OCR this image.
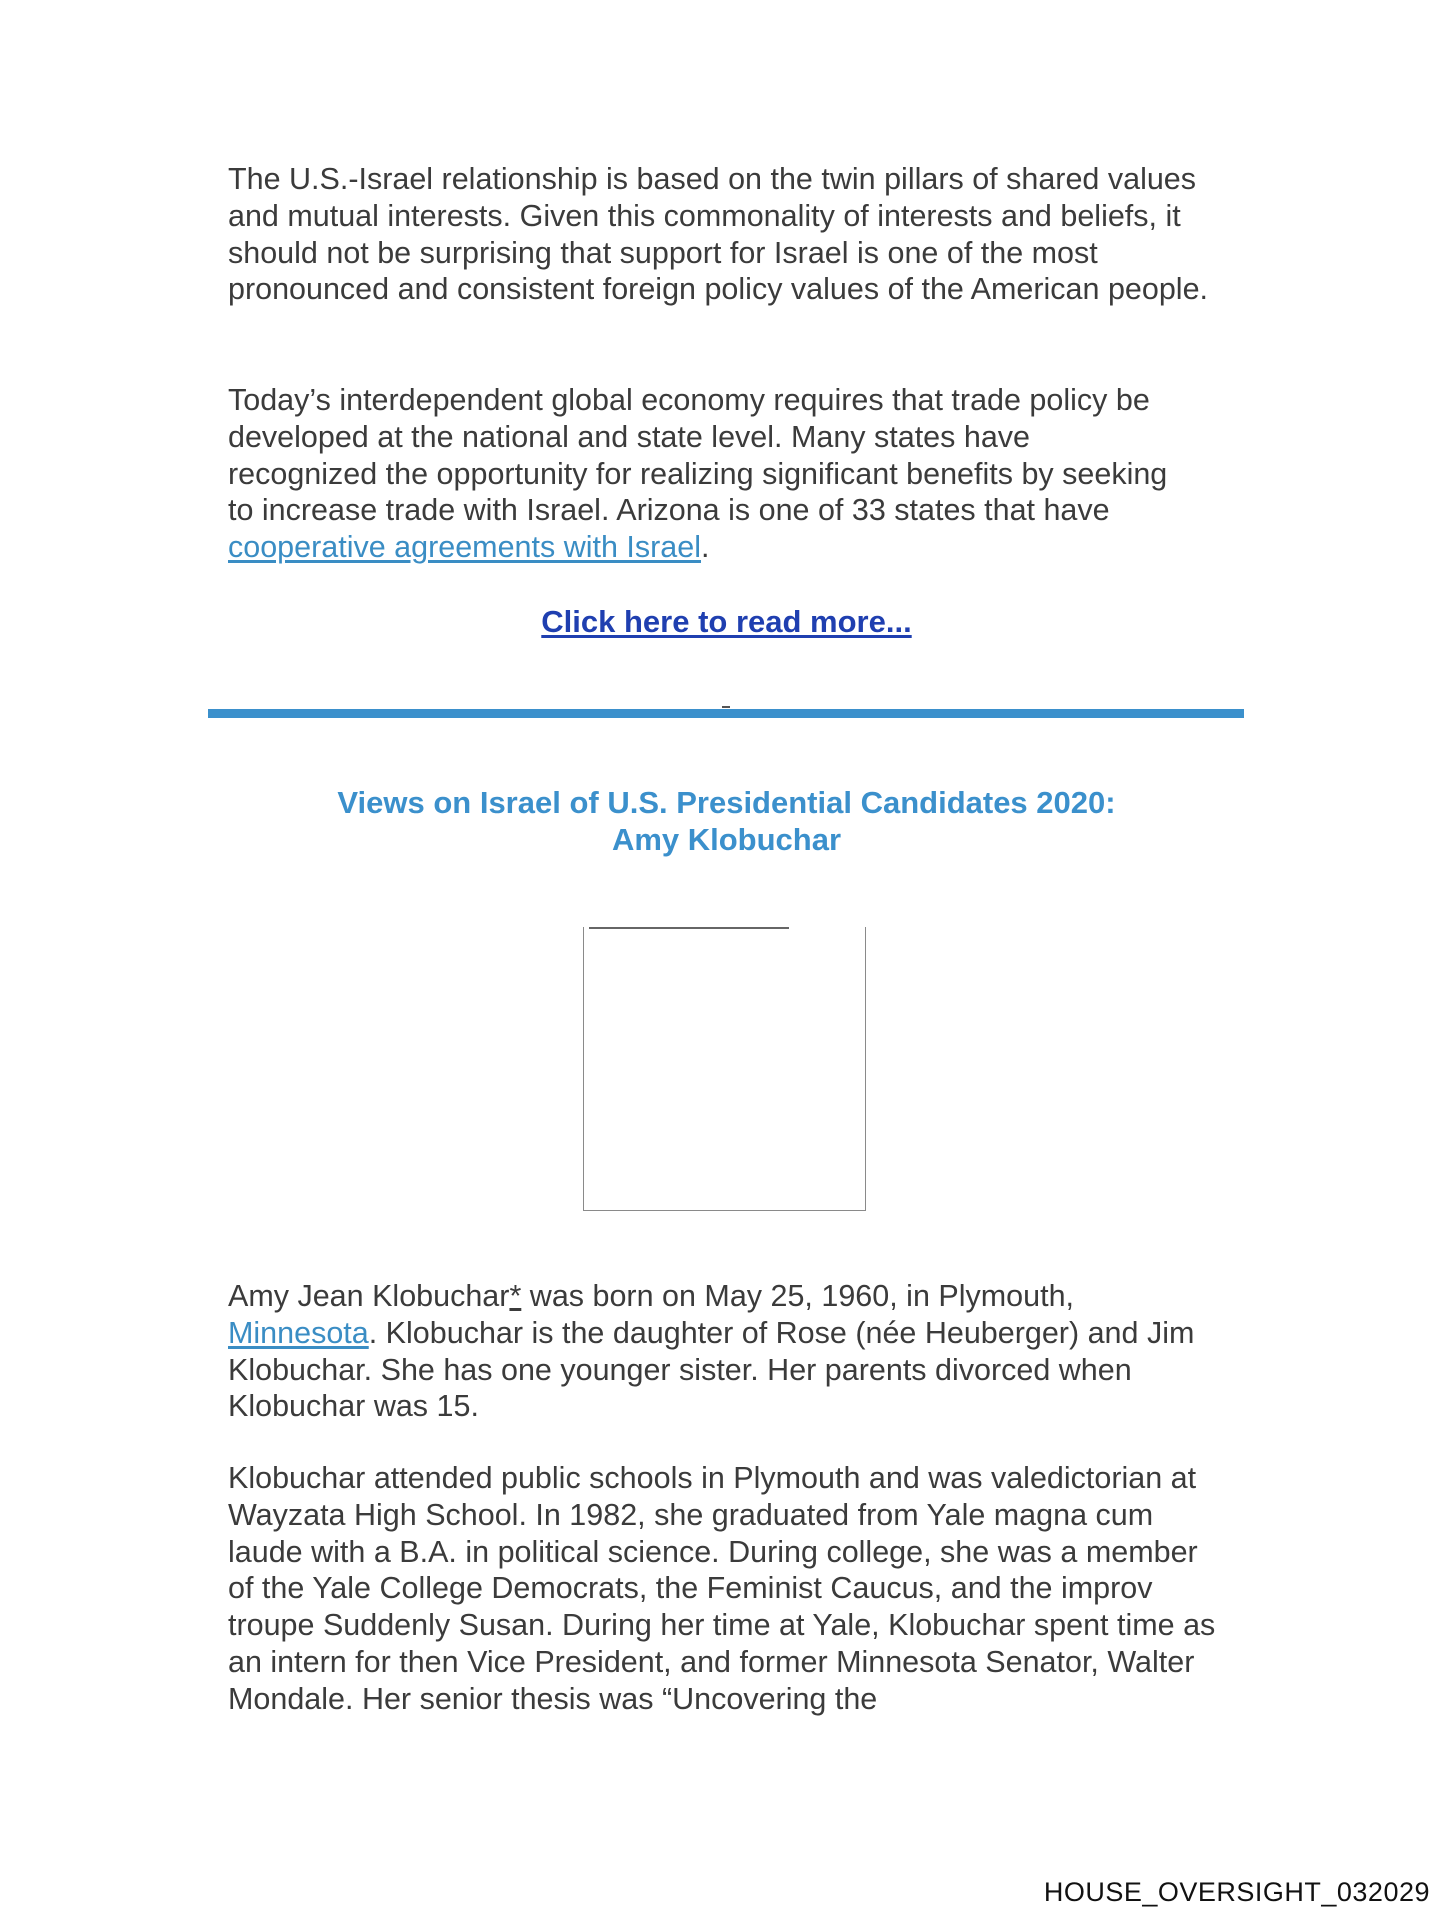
The U.S.-Israel relationship is based on the twin pillars of shared values and mutual interests. Given this commonality of interests and beliefs, it should not be surprising that support for Israel is one of the most pronounced and consistent foreign policy values of the American people.

Today’s interdependent global economy requires that trade policy be
developed at the national and state level. Many states have
recognized the opportunity for realizing significant benefits by seeking
to increase trade with Israel. Arizona is one of 33 states that have
cooperative agreements with Israel.

Click here to read more...
Views on Israel of U.S. Presidential Candidates 2020:
Amy Klobuchar

Amy Jean Klobuchar* was born on May 25, 1960, in Plymouth,
Minnesota. Klobuchar is the daughter of Rose (née Heuberger) and Jim Klobuchar. She has one younger sister. Her parents divorced when Klobuchar was 15.

Klobuchar attended public schools in Plymouth and was valedictorian at Wayzata High School. In 1982, she graduated from Yale magna cum laude with a B.A. in political science. During college, she was a member of the Yale College Democrats, the Feminist Caucus, and the improv troupe Suddenly Susan. During her time at Yale, Klobuchar spent time as an intern for then Vice President, and former Minnesota Senator, Walter Mondale. Her senior thesis was “Uncovering the

HOUSE_OVERSIGHT_032029
